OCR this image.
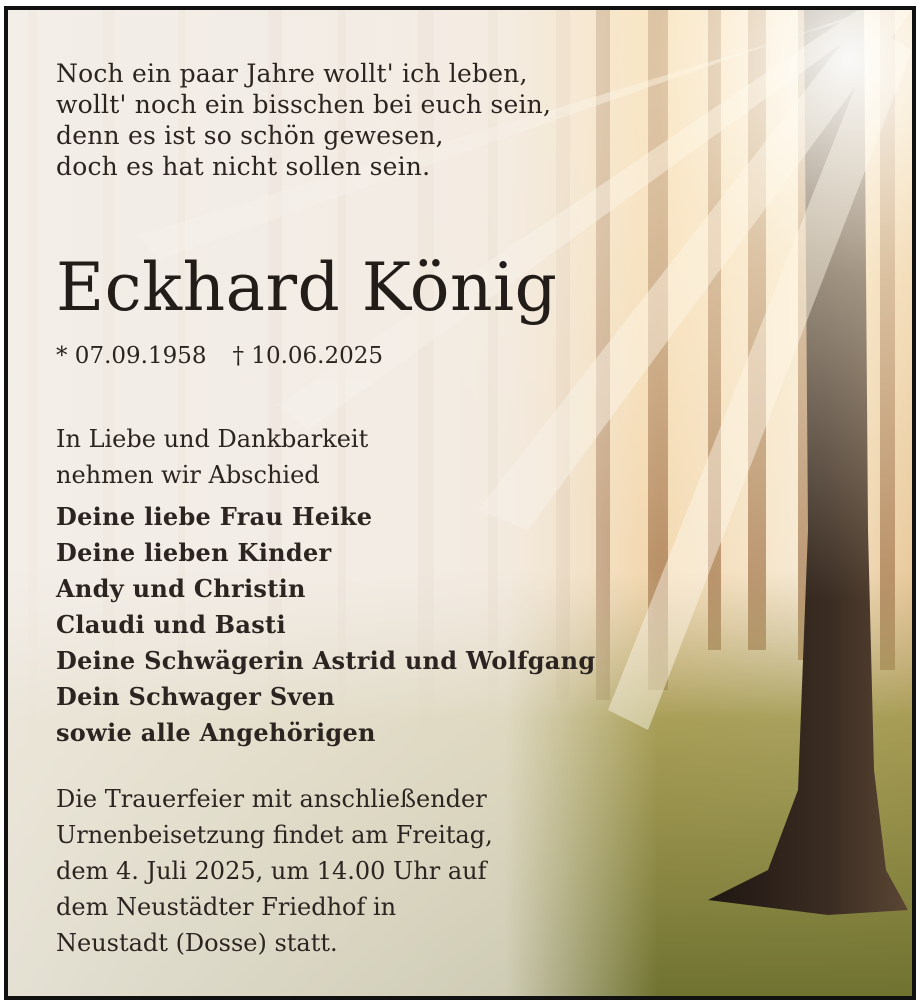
Noch ein paar Jahre wollt' ich leben,
wollt' noch ein bisschen bei euch sein,
denn es ist so schön gewesen,
doch es hat nicht sollen sein.
Eckhard König
* 07.09.1958 † 10.06.2025
In Liebe und Dankbarkeit
nehmen wir Abschied
Deine liebe Frau Heike
Deine lieben Kinder
Andy und Christin
Claudi und Basti
Deine Schwägerin Astrid und Wolfgang
Dein Schwager Sven
sowie alle Angehörigen
Die Trauerfeier mit anschließender
Urnenbeisetzung findet am Freitag,
dem 4. Juli 2025, um 14.00 Uhr auf
dem Neustädter Friedhof in
Neustadt (Dosse) statt.
